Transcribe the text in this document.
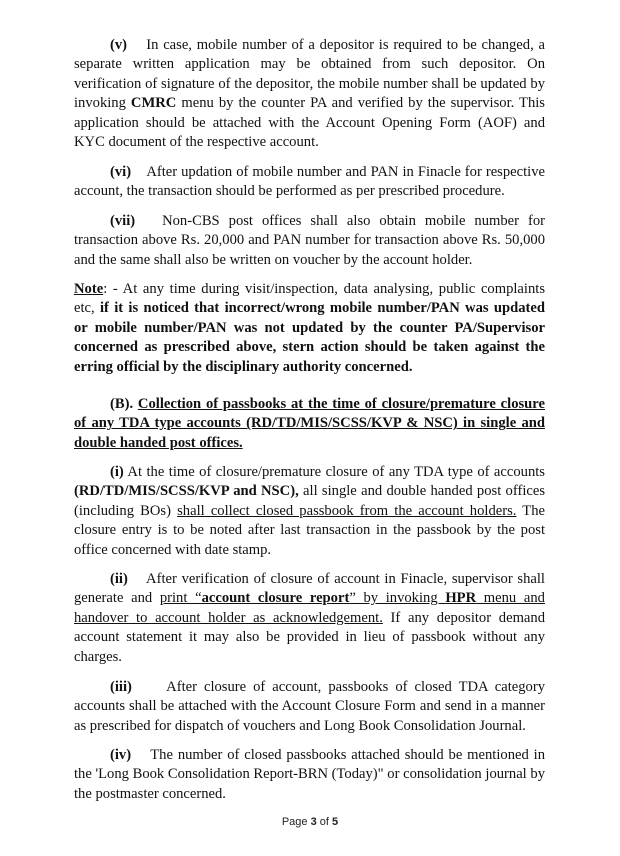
(v) In case, mobile number of a depositor is required to be changed, a separate written application may be obtained from such depositor. On verification of signature of the depositor, the mobile number shall be updated by invoking CMRC menu by the counter PA and verified by the supervisor. This application should be attached with the Account Opening Form (AOF) and KYC document of the respective account.

(vi) After updation of mobile number and PAN in Finacle for respective account, the transaction should be performed as per prescribed procedure.

(vii) Non-CBS post offices shall also obtain mobile number for transaction above Rs. 20,000 and PAN number for transaction above Rs. 50,000 and the same shall also be written on voucher by the account holder.

Note: - At any time during visit/inspection, data analysing, public complaints etc, if it is noticed that incorrect/wrong mobile number/PAN was updated or mobile number/PAN was not updated by the counter PA/Supervisor concerned as prescribed above, stern action should be taken against the erring official by the disciplinary authority concerned.

(B). Collection of passbooks at the time of closure/premature closure of any TDA type accounts (RD/TD/MIS/SCSS/KVP & NSC) in single and double handed post offices.

(i) At the time of closure/premature closure of any TDA type of accounts (RD/TD/MIS/SCSS/KVP and NSC), all single and double handed post offices (including BOs) shall collect closed passbook from the account holders. The closure entry is to be noted after last transaction in the passbook by the post office concerned with date stamp.

(ii) After verification of closure of account in Finacle, supervisor shall generate and print “account closure report” by invoking HPR menu and handover to account holder as acknowledgement. If any depositor demand account statement it may also be provided in lieu of passbook without any charges.

(iii) After closure of account, passbooks of closed TDA category accounts shall be attached with the Account Closure Form and send in a manner as prescribed for dispatch of vouchers and Long Book Consolidation Journal.

(iv) The number of closed passbooks attached should be mentioned in the 'Long Book Consolidation Report-BRN (Today)" or consolidation journal by the postmaster concerned.

Page 3 of 5
